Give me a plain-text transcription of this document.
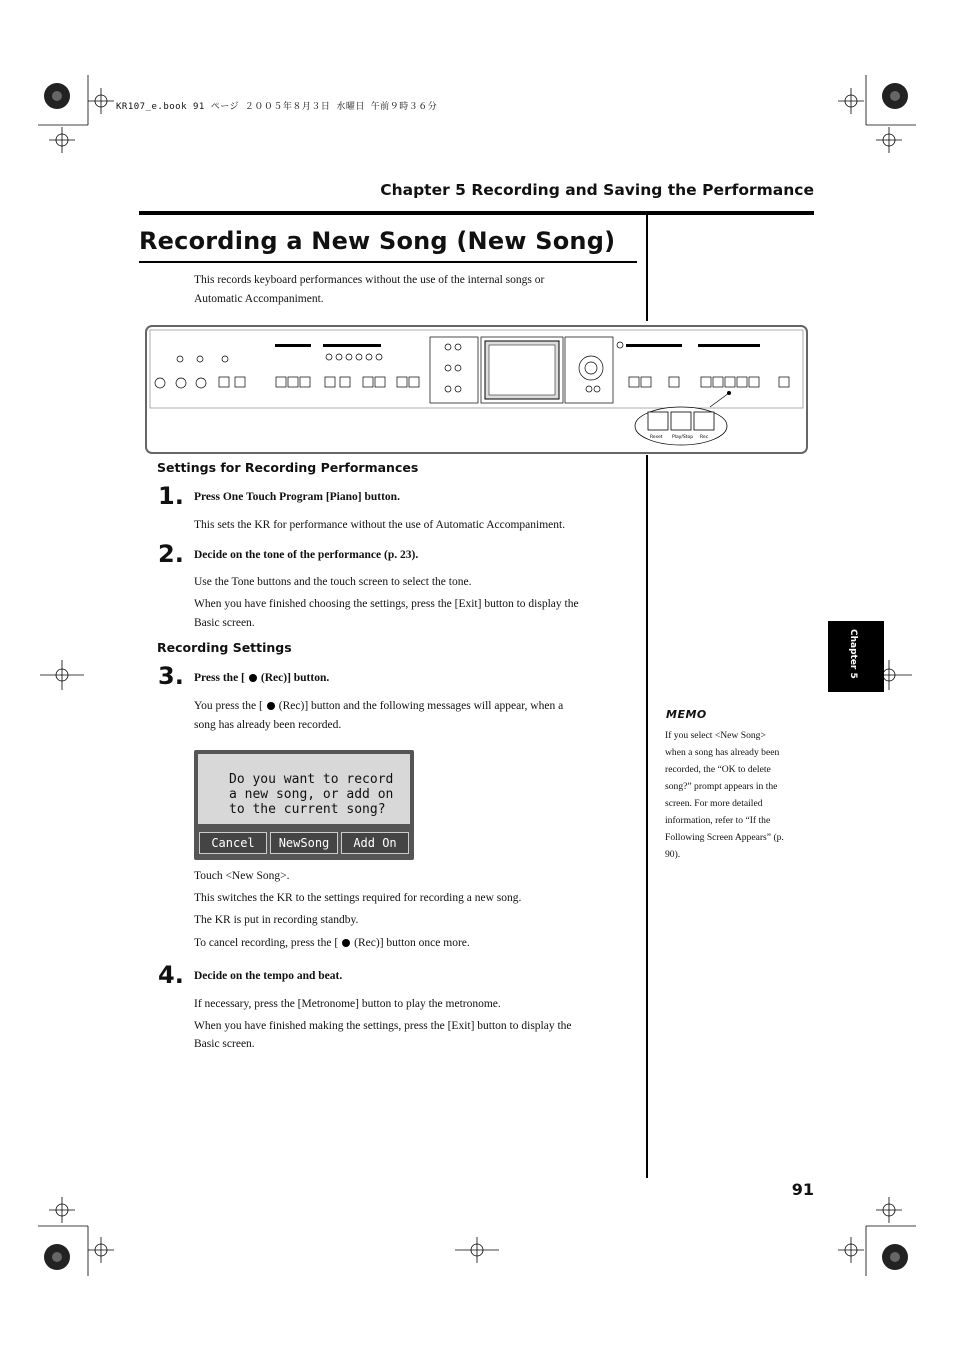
KR107_e.book 91 ページ ２００５年８月３日 水曜日 午前９時３６分
Chapter 5 Recording and Saving the Performance
Recording a New Song (New Song)
This records keyboard performances without the use of the internal songs or
Automatic Accompaniment.
Reset Play/Stop Rec
Settings for Recording Performances
1. Press One Touch Program [Piano] button.
This sets the KR for performance without the use of Automatic Accompaniment.
2. Decide on the tone of the performance (p. 23).
Use the Tone buttons and the touch screen to select the tone.
When you have finished choosing the settings, press the [Exit] button to display the
Basic screen.
Recording Settings
3. Press the [ (Rec)] button.
You press the [ (Rec)] button and the following messages will appear, when a
song has already been recorded.
Do you want to record
a new song, or add on
to the current song?
Cancel	NewSong	Add On
Touch <New Song>.
This switches the KR to the settings required for recording a new song.
The KR is put in recording standby.
To cancel recording, press the [ (Rec)] button once more.
4. Decide on the tempo and beat.
If necessary, press the [Metronome] button to play the metronome.
When you have finished making the settings, press the [Exit] button to display the
Basic screen.
Chapter 5
MEMO
If you select <New Song>
when a song has already been
recorded, the “OK to delete
song?” prompt appears in the
screen. For more detailed
information, refer to “If the
Following Screen Appears” (p.
90).
91
